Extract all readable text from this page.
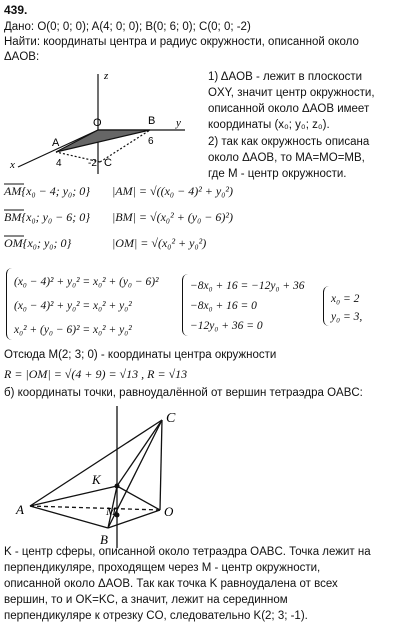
439.
Дано: O(0; 0; 0); A(4; 0; 0); B(0; 6; 0); C(0; 0; -2)
Найти: координаты центра и радиус окружности, описанной около
ΔAOB:
z
O	B y
A
x	4
6
-2 C
1) ΔAOB - лежит в плоскости
OXY, значит центр окружности,
описанной около ΔAOB имеет
координаты (x₀; y₀; z₀).
2) так как окружность описана
около ΔAOB, то MA=MO=MB,
где M - центр окружности.
AM{x₀ − 4; y₀; 0} |AM| = √((x₀ − 4)² + y₀²)
BM{x₀; y₀ − 6; 0} |BM| = √(x₀² + (y₀ − 6)²)
OM{x₀; y₀; 0}	|OM| = √(x₀² + y₀²)
(x₀ − 4)² + y₀² = x₀² + (y₀ − 6)²
(x₀ − 4)² + y₀² = x₀² + y₀²
x₀² + (y₀ − 6)² = x₀² + y₀²
−8x₀ + 16 = −12y₀ + 36
−8x₀ + 16 = 0
−12y₀ + 36 = 0
x₀ = 2
y₀ = 3,
Отсюда M(2; 3; 0) - координаты центра окружности
R = |OM| = √(4 + 9) = √13 , R = √13
б) координаты точки, равноудалённой от вершин тетраэдра OABC:
C
K
O
A	M
B
K - центр сферы, описанной около тетраэдра OABC. Точка лежит на
перпендикуляре, проходящем через M - центр окружности,
описанной около ΔAOB. Так как точка K равноудалена от всех
вершин, то и OK=KC, а значит, лежит на серединном
перпендикуляре к отрезку CO, следовательно K(2; 3; -1).
